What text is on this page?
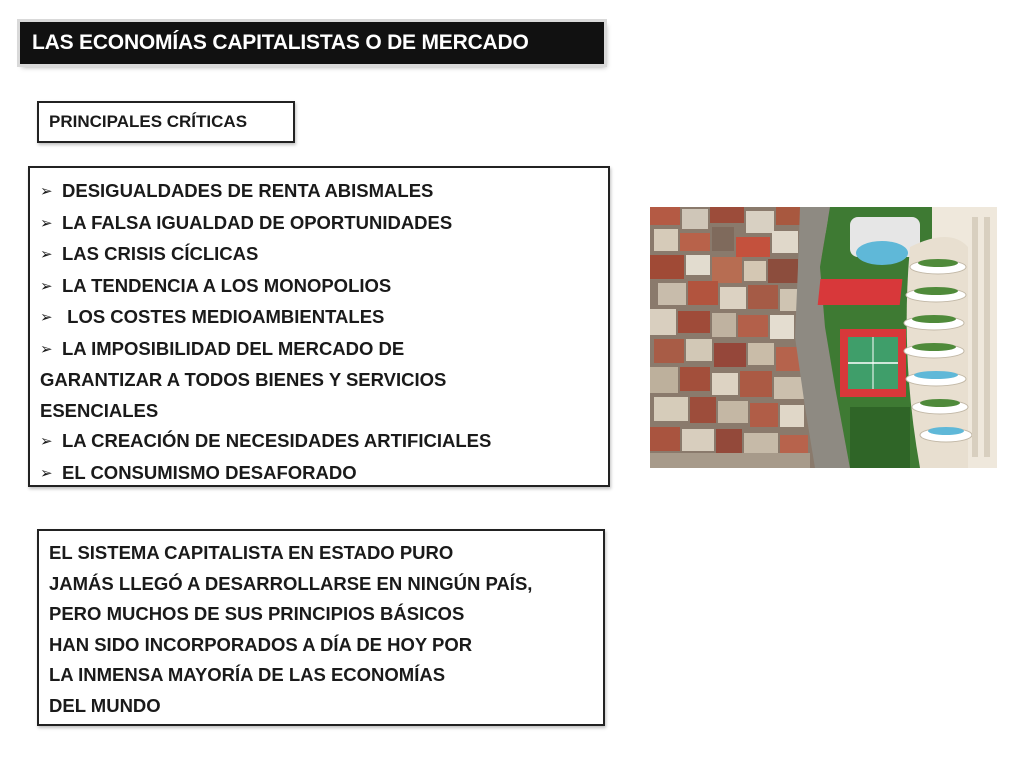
LAS ECONOMÍAS CAPITALISTAS O DE MERCADO
PRINCIPALES CRÍTICAS
➢ DESIGUALDADES DE RENTA ABISMALES
➢ LA FALSA IGUALDAD DE OPORTUNIDADES
➢ LAS CRISIS CÍCLICAS
➢ LA TENDENCIA A LOS MONOPOLIOS
➢ LOS COSTES MEDIOAMBIENTALES
➢ LA IMPOSIBILIDAD DEL MERCADO DE
GARANTIZAR A TODOS BIENES Y SERVICIOS
ESENCIALES
➢ LA CREACIÓN DE NECESIDADES ARTIFICIALES
➢ EL CONSUMISMO DESAFORADO
EL SISTEMA CAPITALISTA EN ESTADO PURO
JAMÁS LLEGÓ A DESARROLLARSE EN NINGÚN PAÍS,
PERO MUCHOS DE SUS PRINCIPIOS BÁSICOS
HAN SIDO INCORPORADOS A DÍA DE HOY POR
LA INMENSA MAYORÍA DE LAS ECONOMÍAS
DEL MUNDO
